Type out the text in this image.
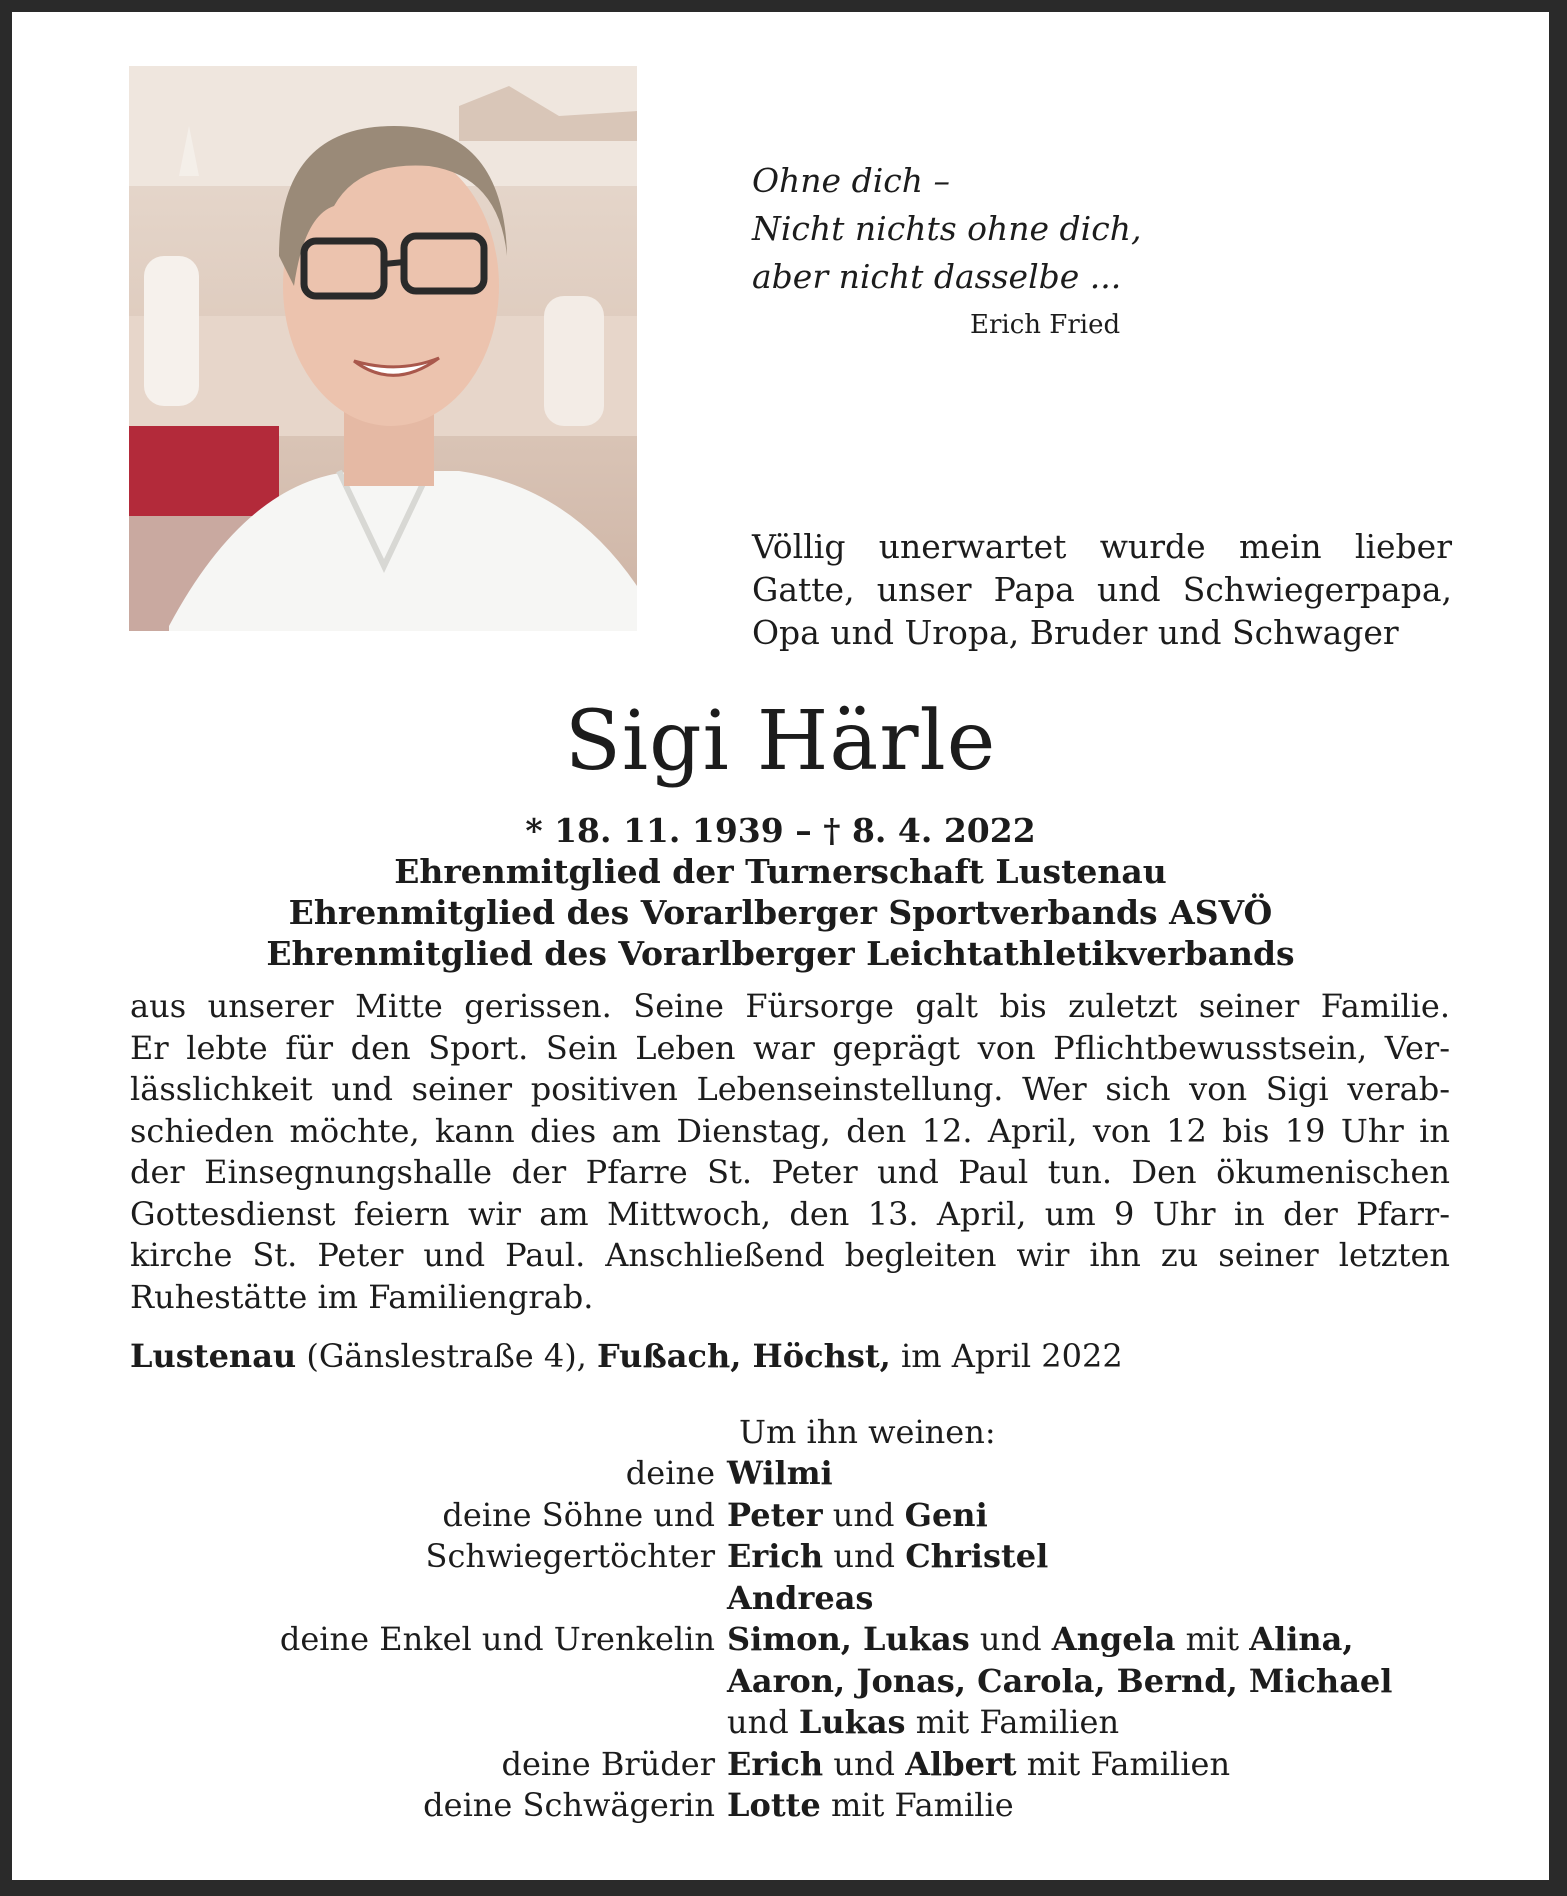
Ohne dich –
Nicht nichts ohne dich,
aber nicht dasselbe ...
Erich Fried
Völlig unerwartet wurde mein lieber
Gatte, unser Papa und Schwiegerpapa,
Opa und Uropa, Bruder und Schwager
Sigi Härle
* 18. 11. 1939 – † 8. 4. 2022
Ehrenmitglied der Turnerschaft Lustenau
Ehrenmitglied des Vorarlberger Sportverbands ASVÖ
Ehrenmitglied des Vorarlberger Leichtathletikverbands
aus unserer Mitte gerissen. Seine Fürsorge galt bis zuletzt seiner Familie.
Er lebte für den Sport. Sein Leben war geprägt von Pflichtbewusstsein, Ver-
lässlichkeit und seiner positiven Lebenseinstellung. Wer sich von Sigi verab-
schieden möchte, kann dies am Dienstag, den 12. April, von 12 bis 19 Uhr in
der Einsegnungshalle der Pfarre St. Peter und Paul tun. Den ökumenischen
Gottesdienst feiern wir am Mittwoch, den 13. April, um 9 Uhr in der Pfarr-
kirche St. Peter und Paul. Anschließend begleiten wir ihn zu seiner letzten
Ruhestätte im Familiengrab.
Lustenau (Gänslestraße 4), Fußach, Höchst, im April 2022
Um ihn weinen:
deine Wilmi
deine Söhne und Peter und Geni
Schwiegertöchter Erich und Christel
Andreas
deine Enkel und Urenkelin Simon, Lukas und Angela mit Alina,
Aaron, Jonas, Carola, Bernd, Michael
und Lukas mit Familien
deine Brüder Erich und Albert mit Familien
deine Schwägerin Lotte mit Familie
